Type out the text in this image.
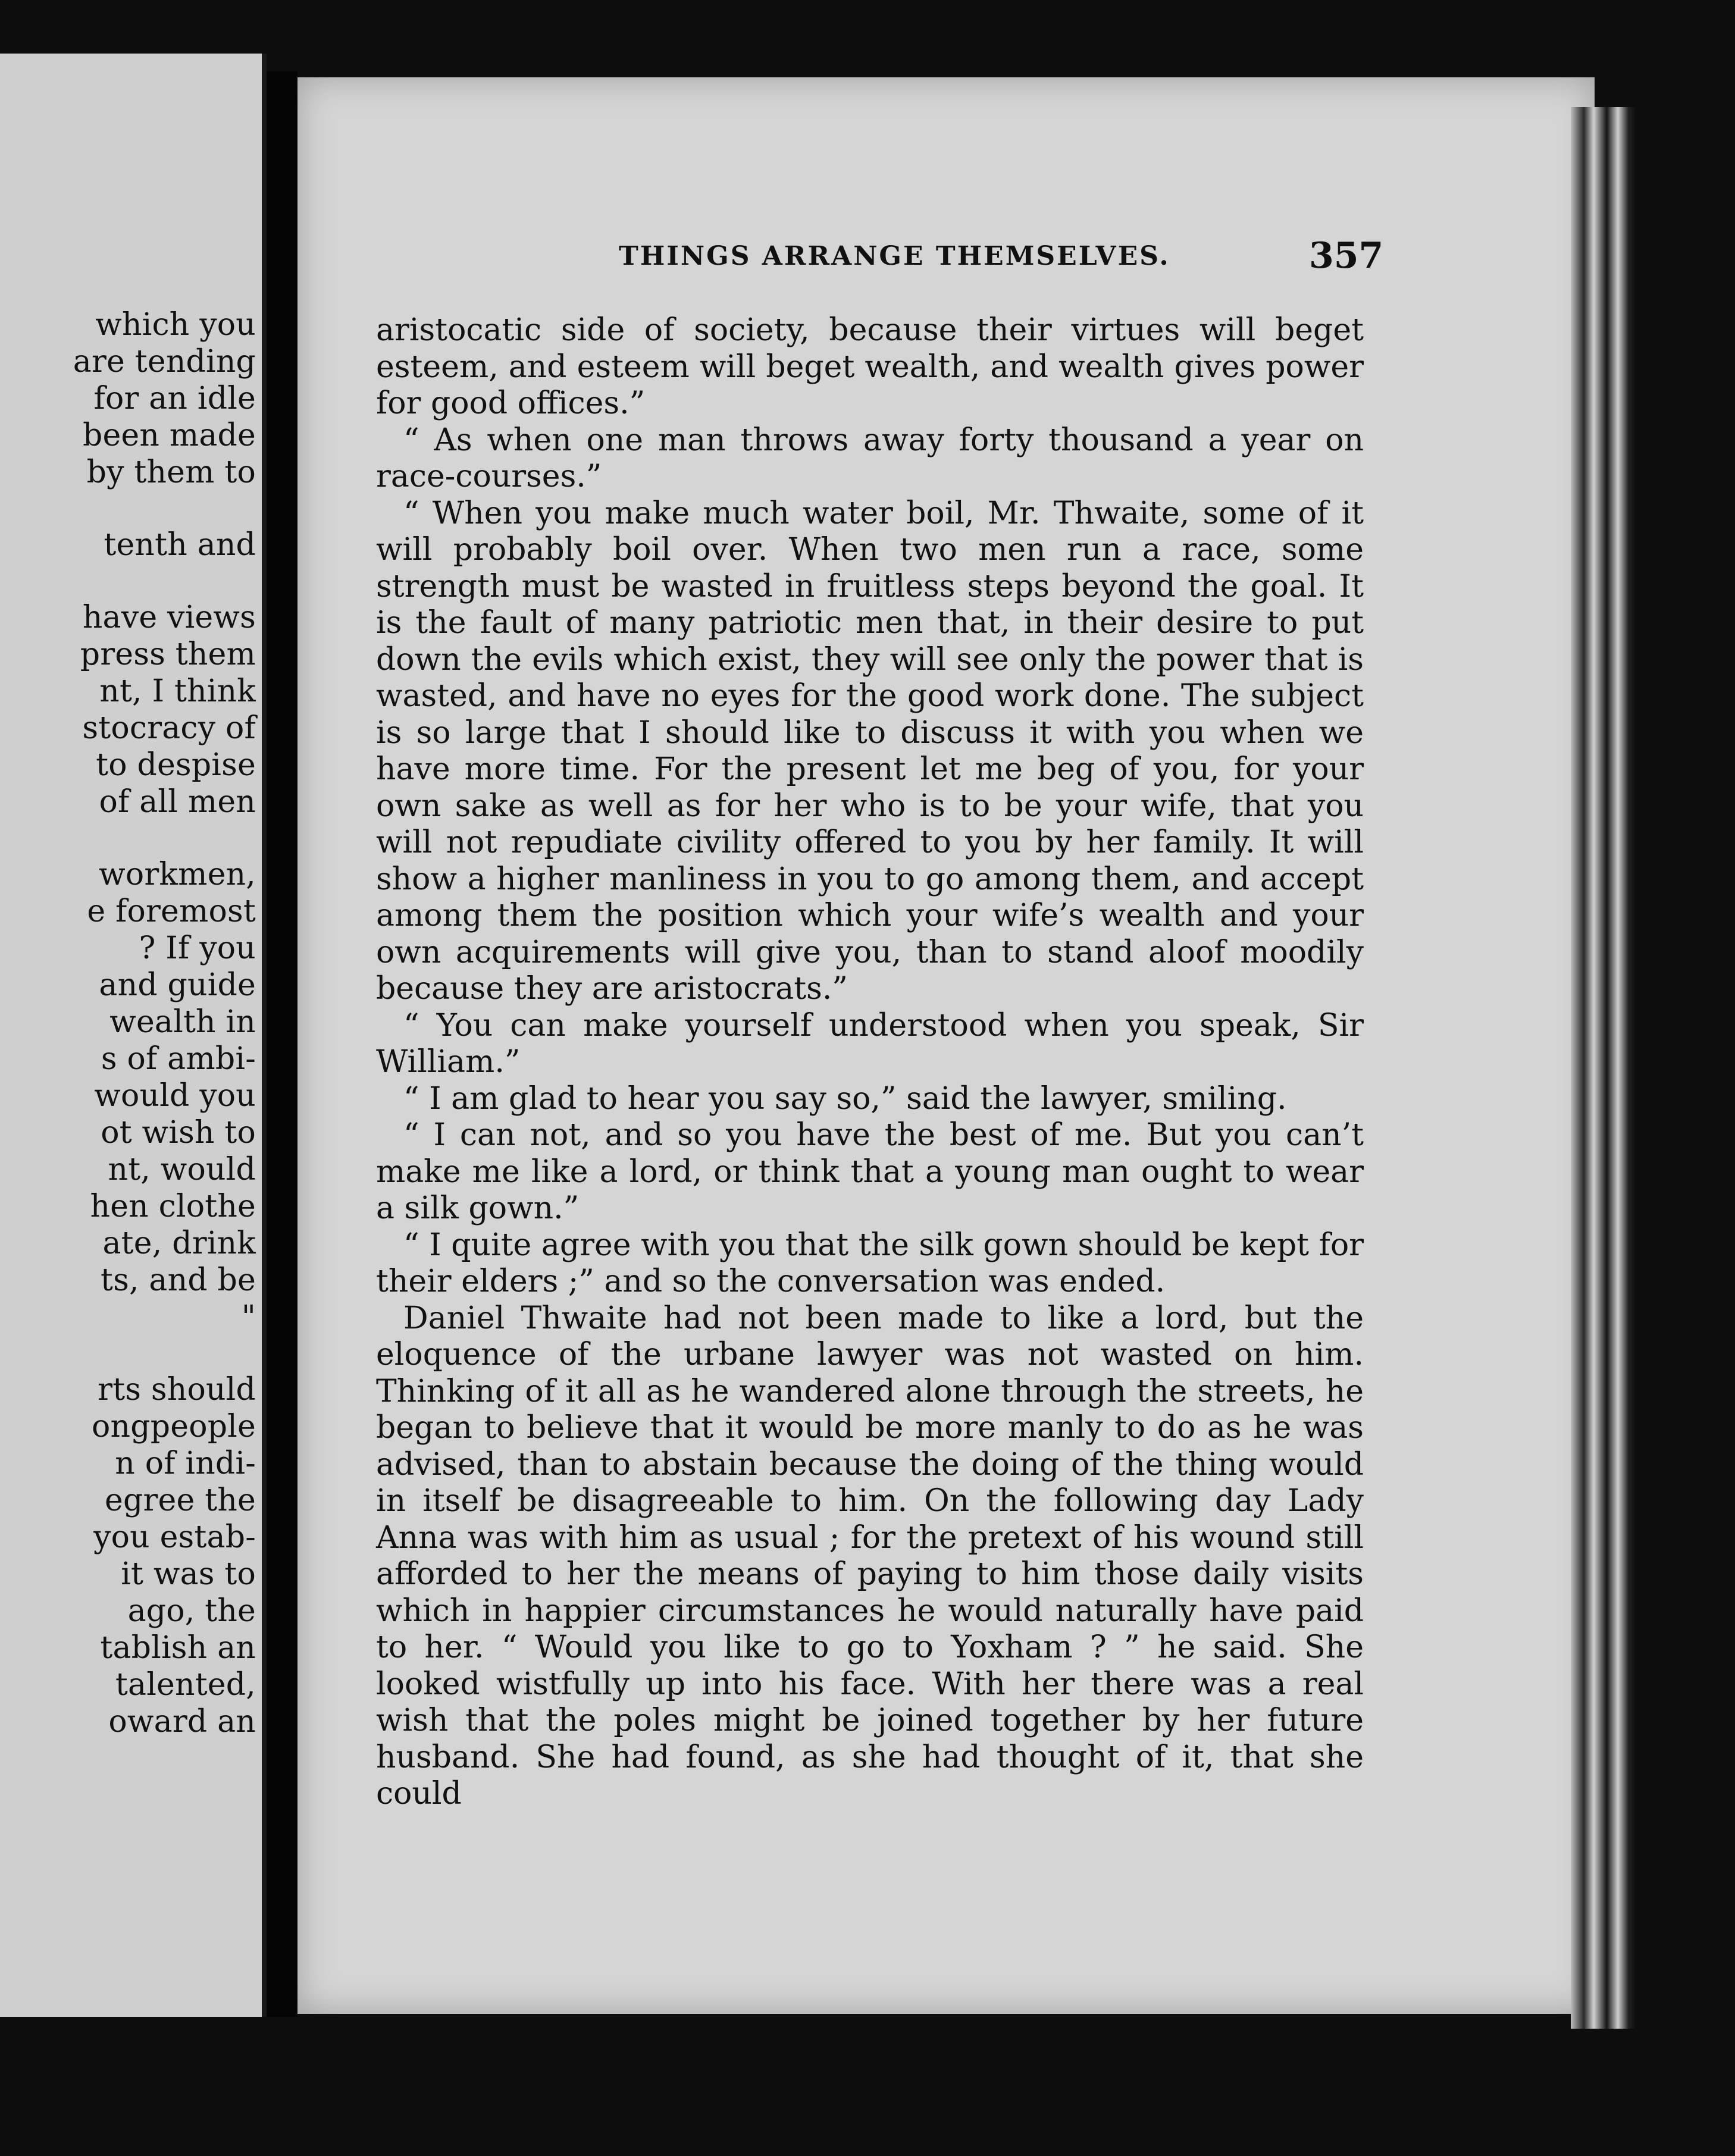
which you
are tending
for an idle
been made
by them to
tenth and
have views
press them
nt, I think
stocracy of
to despise
of all men
workmen,
e foremost
? If you
and guide
wealth in
s of ambi-
would you
ot wish to
nt, would
hen clothe
ate, drink
ts, and be
"
rts should
ongpeople
n of indi-
egree the
you estab-
it was to
ago, the
tablish an
talented,
oward an
THINGS ARRANGE THEMSELVES.	357

aristocatic side of society, because their virtues will beget esteem, and esteem will beget wealth, and wealth gives power for good offices.”

“ As when one man throws away forty thousand a year on race-courses.”

“ When you make much water boil, Mr. Thwaite, some of it will probably boil over. When two men run a race, some strength must be wasted in fruitless steps beyond the goal. It is the fault of many patriotic men that, in their desire to put down the evils which exist, they will see only the power that is wasted, and have no eyes for the good work done. The subject is so large that I should like to discuss it with you when we have more time. For the present let me beg of you, for your own sake as well as for her who is to be your wife, that you will not repudiate civility offered to you by her family. It will show a higher manliness in you to go among them, and accept among them the position which your wife’s wealth and your own acquirements will give you, than to stand aloof moodily because they are aristocrats.”

“ You can make yourself understood when you speak, Sir William.”

“ I am glad to hear you say so,” said the lawyer, smiling.

“ I can not, and so you have the best of me. But you can’t make me like a lord, or think that a young man ought to wear a silk gown.”

“ I quite agree with you that the silk gown should be kept for their elders ;” and so the conversation was ended.

Daniel Thwaite had not been made to like a lord, but the eloquence of the urbane lawyer was not wasted on him. Thinking of it all as he wandered alone through the streets, he began to believe that it would be more manly to do as he was advised, than to abstain because the doing of the thing would in itself be disagreeable to him. On the following day Lady Anna was with him as usual ; for the pretext of his wound still afforded to her the means of paying to him those daily visits which in happier circumstances he would naturally have paid to her. “ Would you like to go to Yoxham ? ” he said. She looked wistfully up into his face. With her there was a real wish that the poles might be joined together by her future husband. She had found, as she had thought of it, that she could
